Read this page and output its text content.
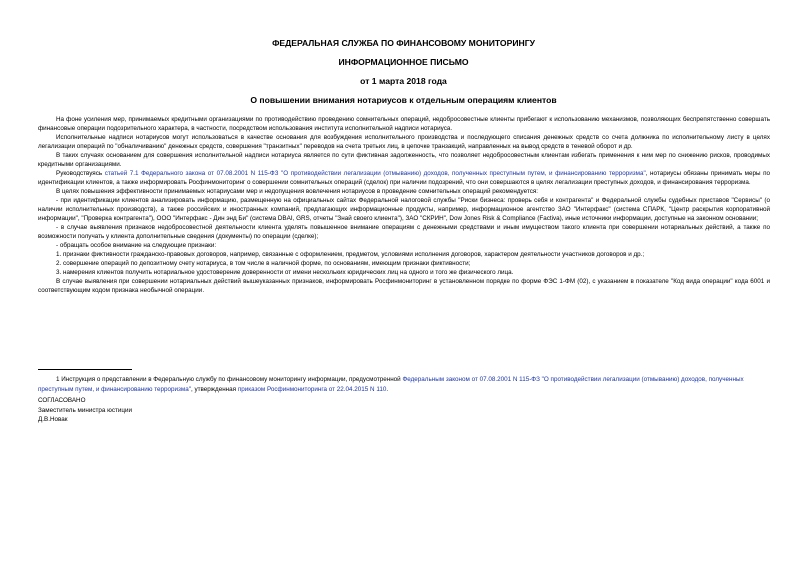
ФЕДЕРАЛЬНАЯ СЛУЖБА ПО ФИНАНСОВОМУ МОНИТОРИНГУ
ИНФОРМАЦИОННОЕ ПИСЬМО
от 1 марта 2018 года
О повышении внимания нотариусов к отдельным операциям клиентов

На фоне усиления мер, принимаемых кредитными организациями по противодействию проведению сомнительных операций, недобросовестные клиенты прибегают к использованию механизмов, позволяющих беспрепятственно совершать финансовые операции подозрительного характера, в частности, посредством использования института исполнительной надписи нотариуса.

Исполнительные надписи нотариусов могут использоваться в качестве основания для возбуждения исполнительного производства и последующего списания денежных средств со счета должника по исполнительному листу в целях легализации операций по "обналичиванию" денежных средств, совершения "транзитных" переводов на счета третьих лиц, в цепочке транзакций, направленных на вывод средств в теневой оборот и др.

В таких случаях основанием для совершения исполнительной надписи нотариуса является по сути фиктивная задолженность, что позволяет недобросовестным клиентам избегать применения к ним мер по снижению рисков, проводимых кредитными организациями.

Руководствуясь статьей 7.1 Федерального закона от 07.08.2001 N 115-ФЗ "О противодействии легализации (отмыванию) доходов, полученных преступным путем, и финансированию терроризма", нотариусы обязаны принимать меры по идентификации клиентов, а также информировать Росфинмониторинг о совершении сомнительных операций (сделок) при наличии подозрений, что они совершаются в целях легализации преступных доходов, и финансирования терроризма.

В целях повышения эффективности принимаемых нотариусами мер и недопущения вовлечения нотариусов в проведение сомнительных операций рекомендуется:

- при идентификации клиентов анализировать информацию, размещенную на официальных сайтах Федеральной налоговой службы "Риски бизнеса: проверь себя и контрагента" и Федеральной службы судебных приставов "Сервисы" (о наличии исполнительных производств), а также российских и иностранных компаний, предлагающих информационные продукты, например, информационное агентство ЗАО "Интерфакс" (система СПАРК, "Центр раскрытия корпоративной информации", "Проверка контрагента"), ООО "Интерфакс - Дин энд Би" (система DBAI, GRS, отчеты "Знай своего клиента"), ЗАО "СКРИН", Dow Jones Risk & Compliance (Factiva), иные источники информации, доступные на законном основании;

- в случае выявления признаков недобросовестной деятельности клиента уделять повышенное внимание операциям с денежными средствами и иным имуществом такого клиента при совершении нотариальных действий, а также по возможности получать у клиента дополнительные сведения (документы) по операции (сделке);

- обращать особое внимание на следующие признаки:

1. признаки фиктивности гражданско-правовых договоров, например, связанные с оформлением, предметом, условиями исполнения договоров, характером деятельности участников договоров и др.;

2. совершение операций по депозитному счету нотариуса, в том числе в наличной форме, по основаниям, имеющим признаки фиктивности;

3. намерения клиентов получить нотариальное удостоверение доверенности от имени нескольких юридических лиц на одного и того же физического лица.

В случае выявления при совершении нотариальных действий вышеуказанных признаков, информировать Росфинмониторинг в установленном порядке по форме ФЭС 1-ФМ (02), с указанием в показателе "Код вида операции" кода 6001 и соответствующим кодом признака необычной операции.

1 Инструкция о представлении в Федеральную службу по финансовому мониторингу информации, предусмотренной Федеральным законом от 07.08.2001 N 115-ФЗ "О противодействии легализации (отмыванию) доходов, полученных преступным путем, и финансированию терроризма", утвержденная приказом Росфинмониторинга от 22.04.2015 N 110.

СОГЛАСОВАНО

Заместитель министра юстиции

Д.В.Новак
